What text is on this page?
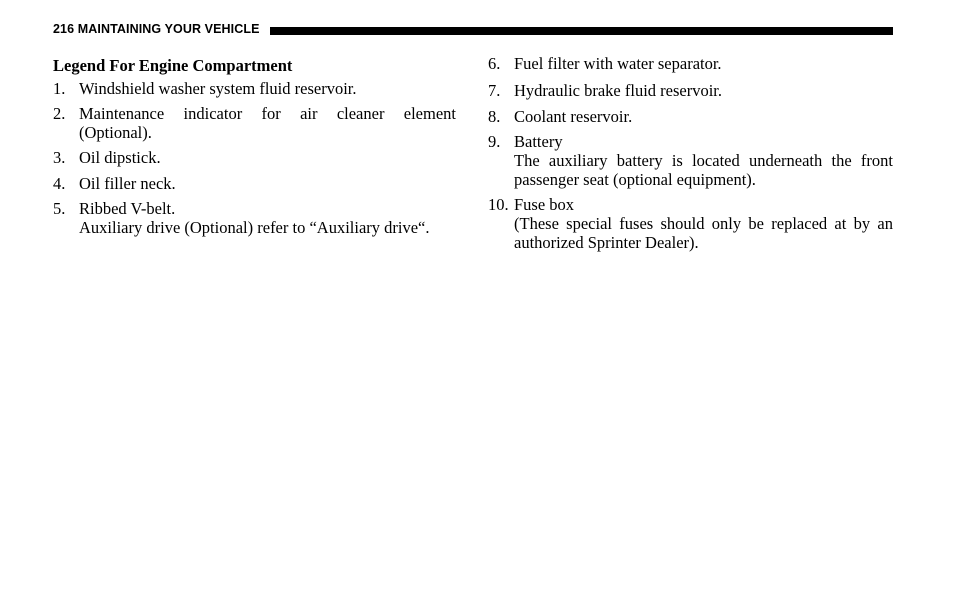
216 MAINTAINING YOUR VEHICLE
Legend For Engine Compartment
1. Windshield washer system fluid reservoir.
2. Maintenance indicator for air cleaner element (Optional).
3. Oil dipstick.
4. Oil filler neck.
5. Ribbed V-belt.
Auxiliary drive (Optional) refer to “Auxiliary drive“.
6. Fuel filter with water separator.
7. Hydraulic brake fluid reservoir.
8. Coolant reservoir.
9. Battery
The auxiliary battery is located underneath the front passenger seat (optional equipment).
10. Fuse box
(These special fuses should only be replaced at by an authorized Sprinter Dealer).
